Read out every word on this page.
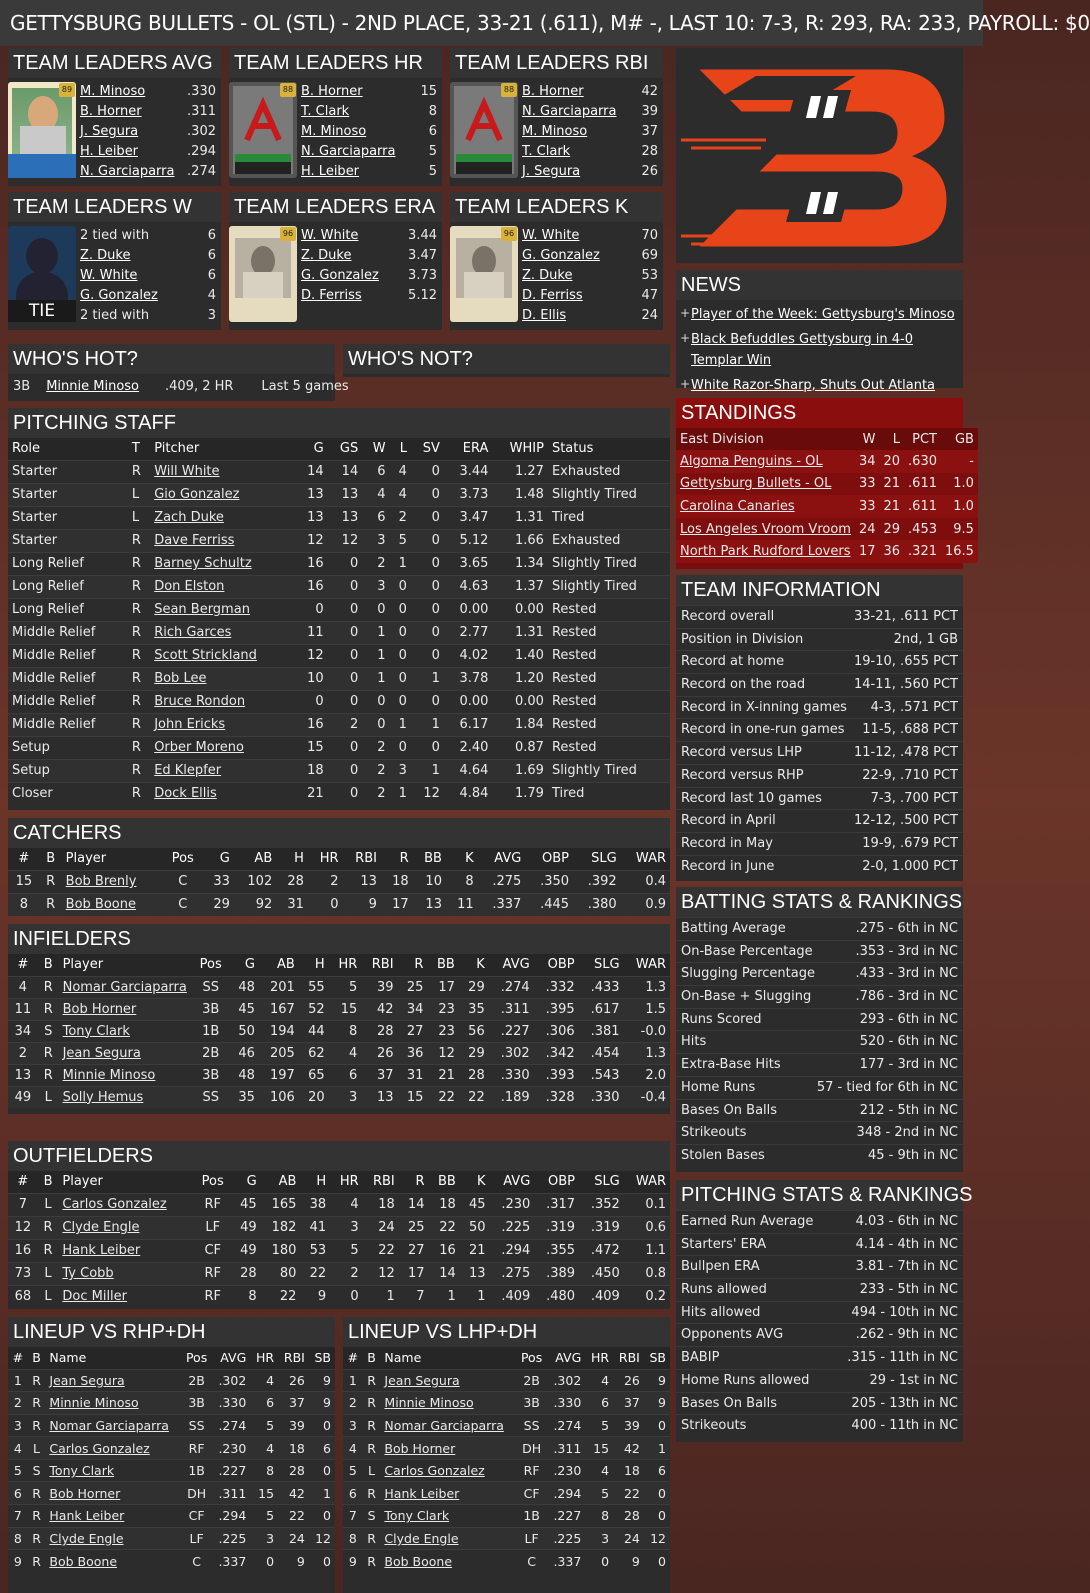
GETTYSBURG BULLETS - OL (STL) - 2ND PLACE, 33-21 (.611), M# -, LAST 10: 7-3, R: 293, RA: 233, PAYROLL: $0
TEAM LEADERS AVG
89 M. Minoso	.330
B. Horner	.311
J. Segura	.302
H. Leiber	.294
N. Garciaparra .274
TEAM LEADERS HR
88 B. Horner	15
T. Clark	8
M. Minoso	6
N. Garciaparra	5
H. Leiber	5
TEAM LEADERS RBI
88 B. Horner	42
N. Garciaparra 39
M. Minoso	37
T. Clark	28
J. Segura	26
TEAM LEADERS W
TIE
2 tied with	6
Z. Duke	6
W. White	6
G. Gonzalez	4
2 tied with	3
TEAM LEADERS ERA
96 W. White	3.44
Z. Duke	3.47
G. Gonzalez 3.73
D. Ferriss	5.12
TEAM LEADERS K
96 W. White	70
G. Gonzalez	69
Z. Duke	53
D. Ferriss	47
D. Ellis	24
NEWS
+ Player of the Week: Gettysburg's Minoso
+ Black Befuddles Gettysburg in 4-0 Templar Win
+ White Razor-Sharp, Shuts Out Atlanta
WHO'S HOT?
3B Minnie Minoso .409, 2 HR Last 5 games
WHO'S NOT?
STANDINGS
East Division	W	L	PCT	GB
Algoma Penguins - OL	34	20	.630	-
Gettysburg Bullets - OL	33	21	.611	1.0
Carolina Canaries	33	21	.611	1.0
Los Angeles Vroom Vroom	24	29	.453	9.5
North Park Rudford Lovers	17	36	.321	16.5
PITCHING STAFF
Role	T	Pitcher	G	GS	W	L	SV	ERA	WHIP	Status
Starter	R	Will White	14	14	6	4	0	3.44	1.27	Exhausted
Starter	L	Gio Gonzalez	13	13	4	4	0	3.73	1.48	Slightly Tired
Starter	L	Zach Duke	13	13	6	2	0	3.47	1.31	Tired
Starter	R	Dave Ferriss	12	12	3	5	0	5.12	1.66	Exhausted
Long Relief	R	Barney Schultz	16	0	2	1	0	3.65	1.34	Slightly Tired
Long Relief	R	Don Elston	16	0	3	0	0	4.63	1.37	Slightly Tired
Long Relief	R	Sean Bergman	0	0	0	0	0	0.00	0.00	Rested
Middle Relief	R	Rich Garces	11	0	1	0	0	2.77	1.31	Rested
Middle Relief	R	Scott Strickland	12	0	1	0	0	4.02	1.40	Rested
Middle Relief	R	Bob Lee	10	0	1	0	1	3.78	1.20	Rested
Middle Relief	R	Bruce Rondon	0	0	0	0	0	0.00	0.00	Rested
Middle Relief	R	John Ericks	16	2	0	1	1	6.17	1.84	Rested
Setup	R	Orber Moreno	15	0	2	0	0	2.40	0.87	Rested
Setup	R	Ed Klepfer	18	0	2	3	1	4.64	1.69	Slightly Tired
Closer	R	Dock Ellis	21	0	2	1	12	4.84	1.79	Tired
TEAM INFORMATION
Record overall	33-21, .611 PCT
Position in Division	2nd, 1 GB
Record at home	19-10, .655 PCT
Record on the road	14-11, .560 PCT
Record in X-inning games 4-3, .571 PCT
Record in one-run games 11-5, .688 PCT
Record versus LHP	11-12, .478 PCT
Record versus RHP	22-9, .710 PCT
Record last 10 games	7-3, .700 PCT
Record in April	12-12, .500 PCT
Record in May	19-9, .679 PCT
Record in June	2-0, 1.000 PCT
CATCHERS
#	B	Player	Pos	G	AB	H	HR	RBI	R	BB	K	AVG	OBP	SLG	WAR
15	R	Bob Brenly	C	33	102	28	2	13	18	10	8	.275	.350	.392	0.4
8	R	Bob Boone	C	29	92	31	0	9	17	13	11	.337	.445	.380	0.9 BATTING STATS & RANKINGS
Batting Average	.275 - 6th in NC
On-Base Percentage	.353 - 3rd in NC
Slugging Percentage	.433 - 3rd in NC
On-Base + Slugging	.786 - 3rd in NC
Runs Scored	293 - 6th in NC
Hits	520 - 6th in NC
Extra-Base Hits	177 - 3rd in NC
Home Runs	57 - tied for 6th in NC
Bases On Balls	212 - 5th in NC
Strikeouts	348 - 2nd in NC
Stolen Bases	45 - 9th in NC
INFIELDERS
#	B	Player	Pos	G	AB	H	HR	RBI	R	BB	K	AVG	OBP	SLG	WAR
4	R	Nomar Garciaparra	SS	48	201	55	5	39	25	17	29	.274	.332	.433	1.3
11	R	Bob Horner	3B	45	167	52	15	42	34	23	35	.311	.395	.617	1.5
34	S	Tony Clark	1B	50	194	44	8	28	27	23	56	.227	.306	.381	-0.0
2	R	Jean Segura	2B	46	205	62	4	26	36	12	29	.302	.342	.454	1.3
13	R	Minnie Minoso	3B	48	197	65	6	37	31	21	28	.330	.393	.543	2.0
49	L	Solly Hemus	SS	35	106	20	3	13	15	22	22	.189	.328	.330	-0.4
OUTFIELDERS
#	B	Player	Pos	G	AB	H	HR	RBI	R	BB	K	AVG	OBP	SLG	WAR
7	L	Carlos Gonzalez	RF	45	165	38	4	18	14	18	45	.230	.317	.352	0.1
12	R	Clyde Engle	LF	49	182	41	3	24	25	22	50	.225	.319	.319	0.6
16	R	Hank Leiber	CF	49	180	53	5	22	27	16	21	.294	.355	.472	1.1
73	L	Ty Cobb	RF	28	80	22	2	12	17	14	13	.275	.389	.450	0.8
68	L	Doc Miller	RF	8	22	9	0	1	7	1	1	.409	.480	.409	0.2
PITCHING STATS & RANKINGS
Earned Run Average	4.03 - 6th in NC
Starters' ERA	4.14 - 4th in NC
Bullpen ERA	3.81 - 7th in NC
Runs allowed	233 - 5th in NC
Hits allowed	494 - 10th in NC
Opponents AVG	.262 - 9th in NC
BABIP	.315 - 11th in NC
Home Runs allowed	29 - 1st in NC
Bases On Balls	205 - 13th in NC
Strikeouts	400 - 11th in NC
LINEUP VS RHP+DH
#	B	Name	Pos	AVG	HR	RBI	SB
1	R	Jean Segura	2B	.302	4	26	9
2	R	Minnie Minoso	3B	.330	6	37	9
3	R	Nomar Garciaparra	SS	.274	5	39	0
4	L	Carlos Gonzalez	RF	.230	4	18	6
5	S	Tony Clark	1B	.227	8	28	0
6	R	Bob Horner	DH	.311	15	42	1
7	R	Hank Leiber	CF	.294	5	22	0
8	R	Clyde Engle	LF	.225	3	24	12
9	R	Bob Boone	C	.337	0	9	0
LINEUP VS LHP+DH
#	B	Name	Pos	AVG	HR	RBI	SB
1	R	Jean Segura	2B	.302	4	26	9
2	R	Minnie Minoso	3B	.330	6	37	9
3	R	Nomar Garciaparra	SS	.274	5	39	0
4	R	Bob Horner	DH	.311	15	42	1
5	L	Carlos Gonzalez	RF	.230	4	18	6
6	R	Hank Leiber	CF	.294	5	22	0
7	S	Tony Clark	1B	.227	8	28	0
8	R	Clyde Engle	LF	.225	3	24	12
9	R	Bob Boone	C	.337	0	9	0
